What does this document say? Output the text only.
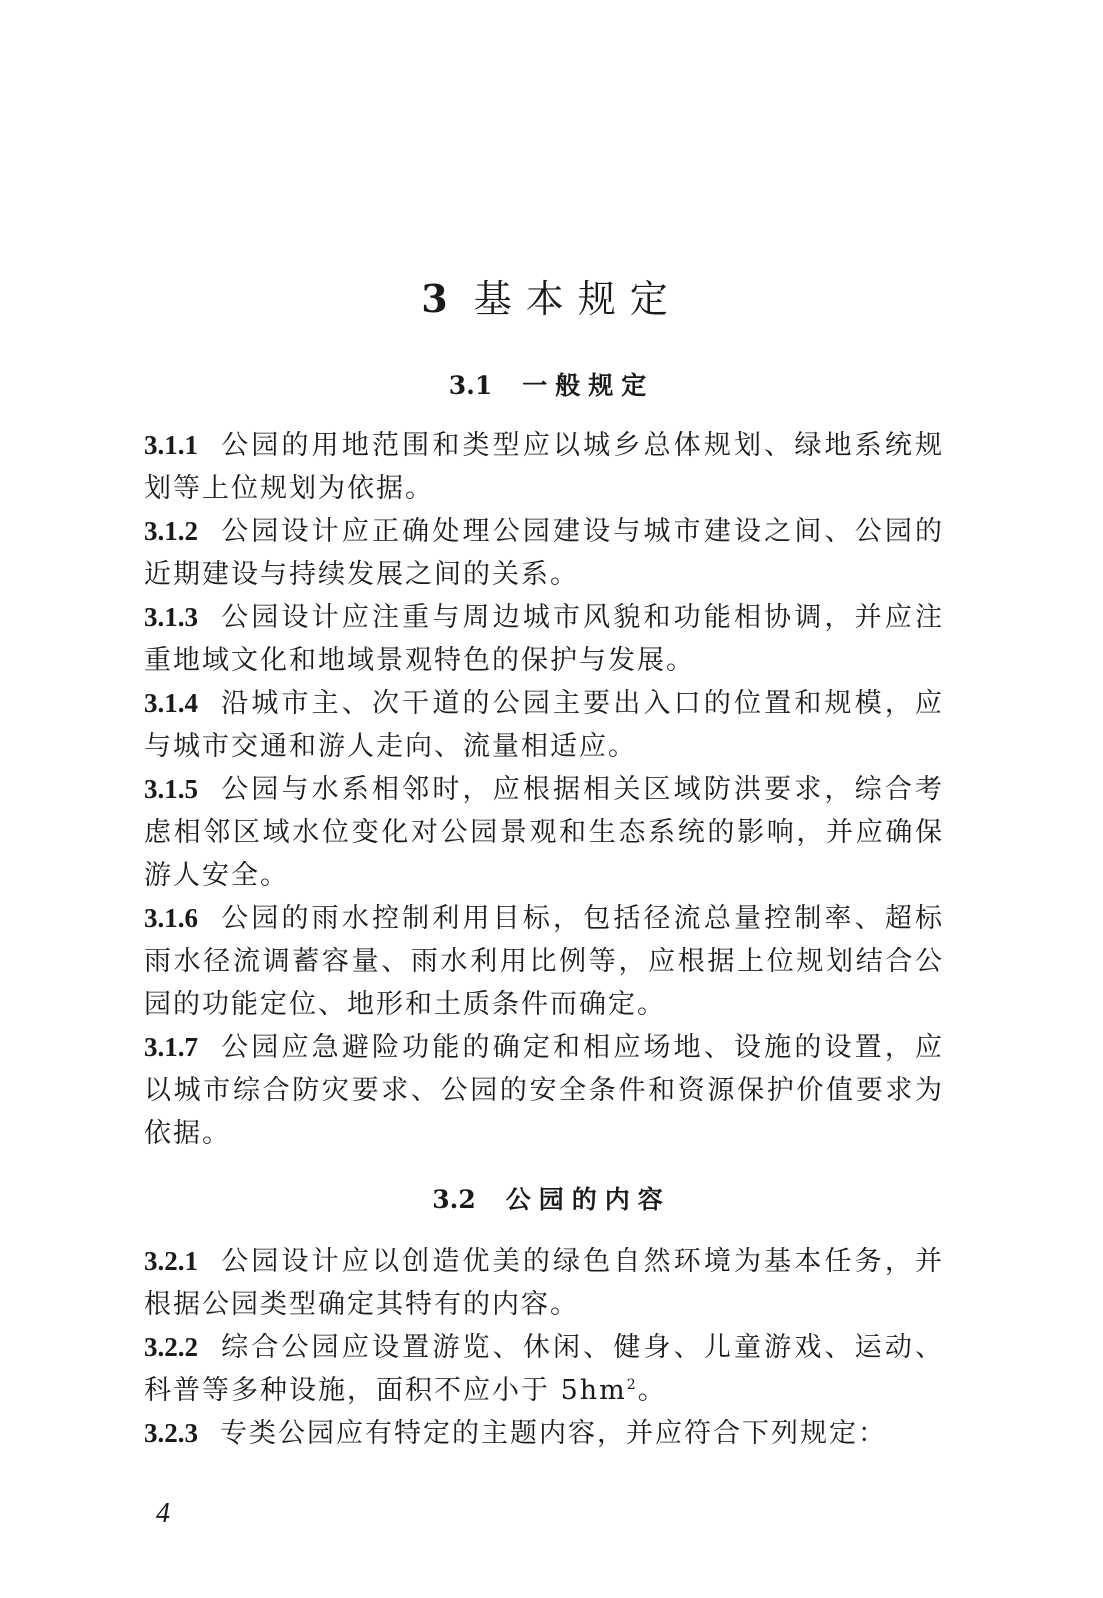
3 基本规定
3.1 一般规定
3.1.1 公园的用地范围和类型应以城乡总体规划、绿地系统规划等上位规划为依据。
3.1.2 公园设计应正确处理公园建设与城市建设之间、公园的近期建设与持续发展之间的关系。
3.1.3 公园设计应注重与周边城市风貌和功能相协调，并应注重地域文化和地域景观特色的保护与发展。
3.1.4 沿城市主、次干道的公园主要出入口的位置和规模，应与城市交通和游人走向、流量相适应。
3.1.5 公园与水系相邻时，应根据相关区域防洪要求，综合考虑相邻区域水位变化对公园景观和生态系统的影响，并应确保游人安全。
3.1.6 公园的雨水控制利用目标，包括径流总量控制率、超标雨水径流调蓄容量、雨水利用比例等，应根据上位规划结合公园的功能定位、地形和土质条件而确定。
3.1.7 公园应急避险功能的确定和相应场地、设施的设置，应以城市综合防灾要求、公园的安全条件和资源保护价值要求为依据。
3.2 公园的内容
3.2.1 公园设计应以创造优美的绿色自然环境为基本任务，并根据公园类型确定其特有的内容。
3.2.2 综合公园应设置游览、休闲、健身、儿童游戏、运动、科普等多种设施，面积不应小于 $5hm^2$。
3.2.3 专类公园应有特定的主题内容，并应符合下列规定：
4
